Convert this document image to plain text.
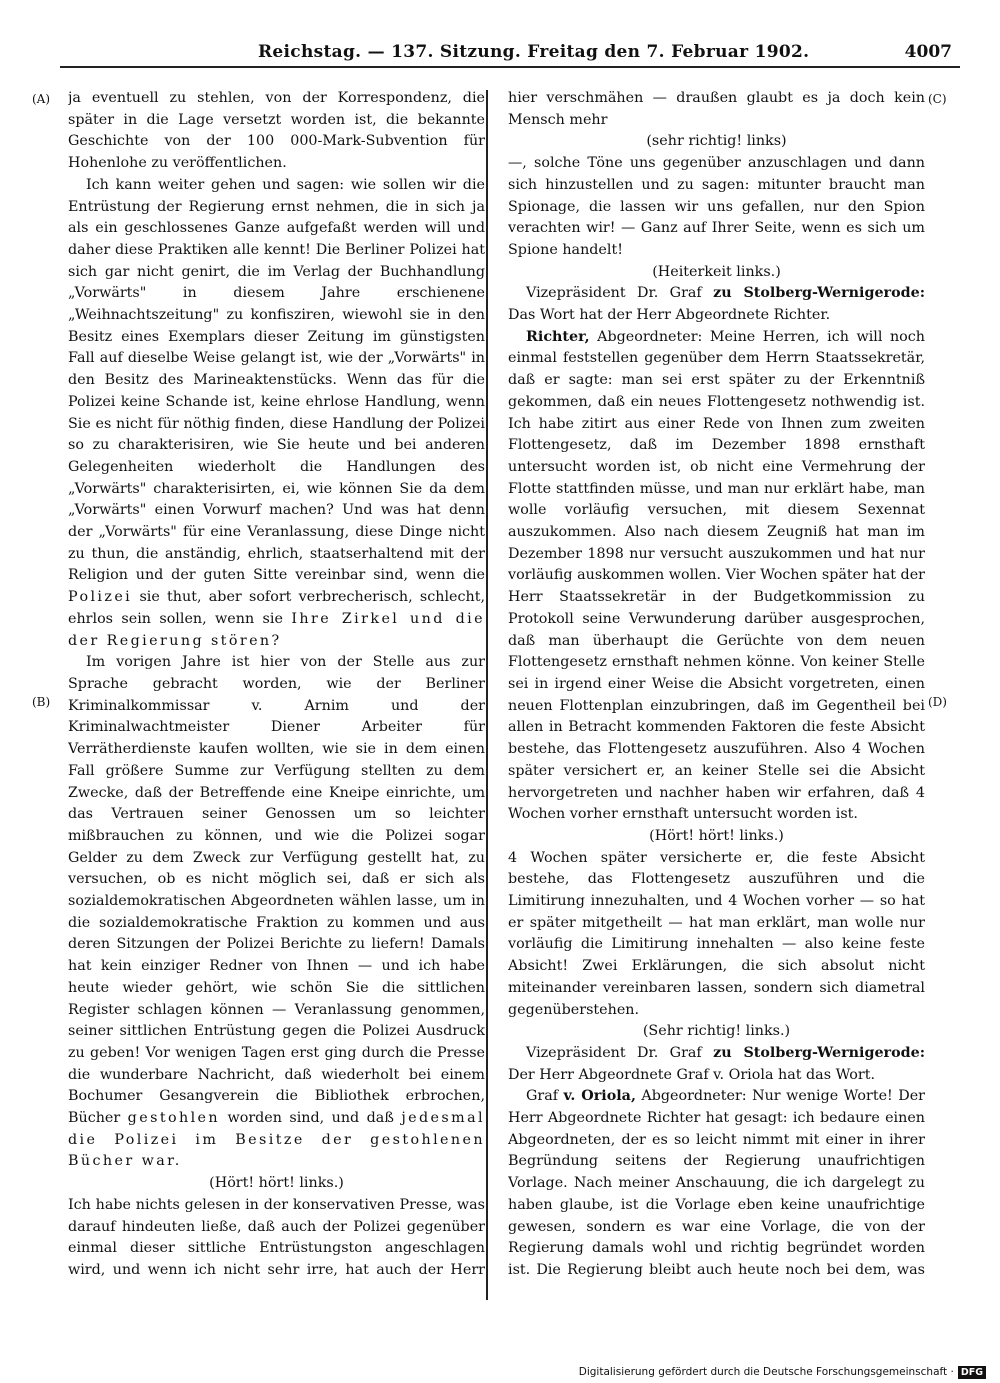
Reichstag. — 137. Sitzung. Freitag den 7. Februar 1902.	4007
(A)
(B)
(C)
(D)

ja eventuell zu stehlen, von der Korrespondenz, die später in die Lage versetzt worden ist, die bekannte Geschichte von der 100 000-Mark-Subvention für Hohenlohe zu veröffentlichen.

Ich kann weiter gehen und sagen: wie sollen wir die Entrüstung der Regierung ernst nehmen, die in sich ja als ein geschlossenes Ganze aufgefaßt werden will und daher diese Praktiken alle kennt! Die Berliner Polizei hat sich gar nicht genirt, die im Verlag der Buchhandlung „Vorwärts" in diesem Jahre erschienene „Weihnachtszeitung" zu konfisziren, wiewohl sie in den Besitz eines Exemplars dieser Zeitung im günstigsten Fall auf dieselbe Weise gelangt ist, wie der „Vorwärts" in den Besitz des Marineaktenstücks. Wenn das für die Polizei keine Schande ist, keine ehrlose Handlung, wenn Sie es nicht für nöthig finden, diese Handlung der Polizei so zu charakterisiren, wie Sie heute und bei anderen Gelegenheiten wiederholt die Handlungen des „Vorwärts" charakterisirten, ei, wie können Sie da dem „Vorwärts" einen Vorwurf machen? Und was hat denn der „Vorwärts" für eine Veranlassung, diese Dinge nicht zu thun, die anständig, ehrlich, staatserhaltend mit der Religion und der guten Sitte vereinbar sind, wenn die Polizei sie thut, aber sofort verbrecherisch, schlecht, ehrlos sein sollen, wenn sie Ihre Zirkel und die der Regierung stören?

Im vorigen Jahre ist hier von der Stelle aus zur Sprache gebracht worden, wie der Berliner Kriminalkommissar v. Arnim und der Kriminalwachtmeister Diener Arbeiter für Verrätherdienste kaufen wollten, wie sie in dem einen Fall größere Summe zur Verfügung stellten zu dem Zwecke, daß der Betreffende eine Kneipe einrichte, um das Vertrauen seiner Genossen um so leichter mißbrauchen zu können, und wie die Polizei sogar Gelder zu dem Zweck zur Verfügung gestellt hat, zu versuchen, ob es nicht möglich sei, daß er sich als sozialdemokratischen Abgeordneten wählen lasse, um in die sozialdemokratische Fraktion zu kommen und aus deren Sitzungen der Polizei Berichte zu liefern! Damals hat kein einziger Redner von Ihnen — und ich habe heute wieder gehört, wie schön Sie die sittlichen Register schlagen können — Veranlassung genommen, seiner sittlichen Entrüstung gegen die Polizei Ausdruck zu geben! Vor wenigen Tagen erst ging durch die Presse die wunderbare Nachricht, daß wiederholt bei einem Bochumer Gesangverein die Bibliothek erbrochen, Bücher gestohlen worden sind, und daß jedesmal die Polizei im Besitze der gestohlenen Bücher war.

(Hört! hört! links.)

Ich habe nichts gelesen in der konservativen Presse, was darauf hindeuten ließe, daß auch der Polizei gegenüber einmal dieser sittliche Entrüstungston angeschlagen wird, und wenn ich nicht sehr irre, hat auch der Herr

hier verschmähen — draußen glaubt es ja doch kein Mensch mehr

(sehr richtig! links)

—, solche Töne uns gegenüber anzuschlagen und dann sich hinzustellen und zu sagen: mitunter braucht man Spionage, die lassen wir uns gefallen, nur den Spion verachten wir! — Ganz auf Ihrer Seite, wenn es sich um Spione handelt!

(Heiterkeit links.)

Vizepräsident Dr. Graf zu Stolberg-Wernigerode: Das Wort hat der Herr Abgeordnete Richter.

Richter, Abgeordneter: Meine Herren, ich will noch einmal feststellen gegenüber dem Herrn Staatssekretär, daß er sagte: man sei erst später zu der Erkenntniß gekommen, daß ein neues Flottengesetz nothwendig ist. Ich habe zitirt aus einer Rede von Ihnen zum zweiten Flottengesetz, daß im Dezember 1898 ernsthaft untersucht worden ist, ob nicht eine Vermehrung der Flotte stattfinden müsse, und man nur erklärt habe, man wolle vorläufig versuchen, mit diesem Sexennat auszukommen. Also nach diesem Zeugniß hat man im Dezember 1898 nur versucht auszukommen und hat nur vorläufig auskommen wollen. Vier Wochen später hat der Herr Staatssekretär in der Budgetkommission zu Protokoll seine Verwunderung darüber ausgesprochen, daß man überhaupt die Gerüchte von dem neuen Flottengesetz ernsthaft nehmen könne. Von keiner Stelle sei in irgend einer Weise die Absicht vorgetreten, einen neuen Flottenplan einzubringen, daß im Gegentheil bei allen in Betracht kommenden Faktoren die feste Absicht bestehe, das Flottengesetz auszuführen. Also 4 Wochen später versichert er, an keiner Stelle sei die Absicht hervorgetreten und nachher haben wir erfahren, daß 4 Wochen vorher ernsthaft untersucht worden ist.

(Hört! hört! links.)

4 Wochen später versicherte er, die feste Absicht bestehe, das Flottengesetz auszuführen und die Limitirung innezuhalten, und 4 Wochen vorher — so hat er später mitgetheilt — hat man erklärt, man wolle nur vorläufig die Limitirung innehalten — also keine feste Absicht! Zwei Erklärungen, die sich absolut nicht miteinander vereinbaren lassen, sondern sich diametral gegenüberstehen.

(Sehr richtig! links.)

Vizepräsident Dr. Graf zu Stolberg-Wernigerode: Der Herr Abgeordnete Graf v. Oriola hat das Wort.

Graf v. Oriola, Abgeordneter: Nur wenige Worte! Der Herr Abgeordnete Richter hat gesagt: ich bedaure einen Abgeordneten, der es so leicht nimmt mit einer in ihrer Begründung seitens der Regierung unaufrichtigen Vorlage. Nach meiner Anschauung, die ich dargelegt zu haben glaube, ist die Vorlage eben keine unaufrichtige gewesen, sondern es war eine Vorlage, die von der Regierung damals wohl und richtig begründet worden ist. Die Regierung bleibt auch heute noch bei dem, was

Digitalisierung gefördert durch die Deutsche Forschungsgemeinschaft · DFG
